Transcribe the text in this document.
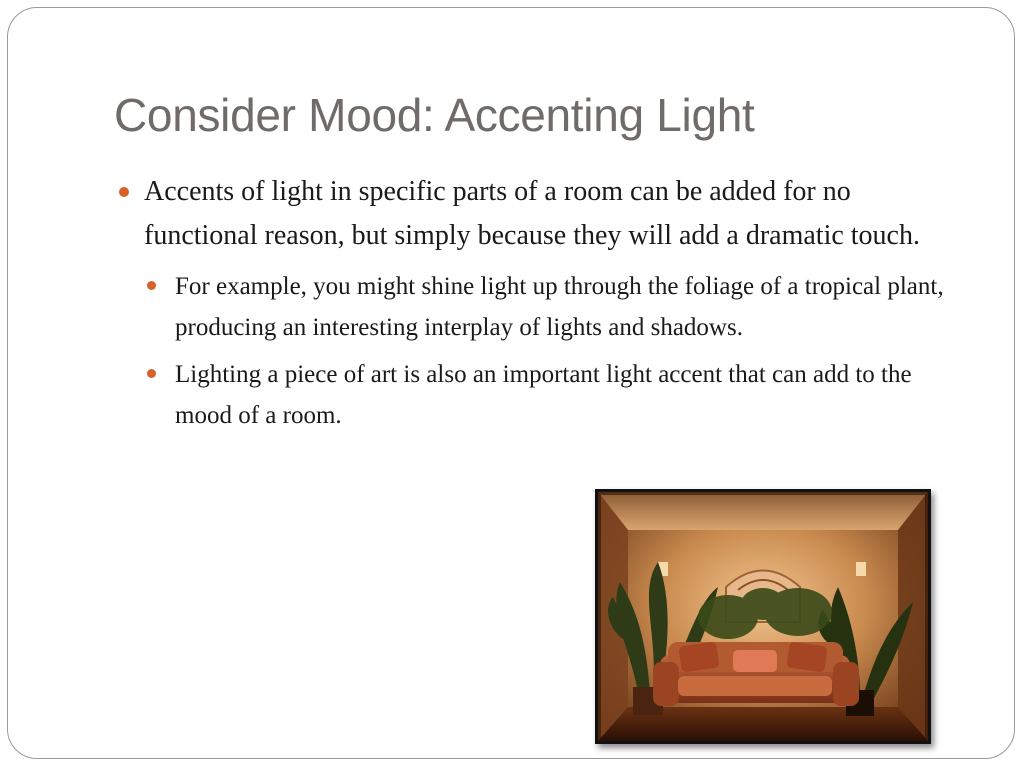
Consider Mood: Accenting Light

Accents of light in specific parts of a room can be added for no functional reason, but simply because they will add a dramatic touch.

For example, you might shine light up through the foliage of a tropical plant, producing an interesting interplay of lights and shadows.

Lighting a piece of art is also an important light accent that can add to the mood of a room.
